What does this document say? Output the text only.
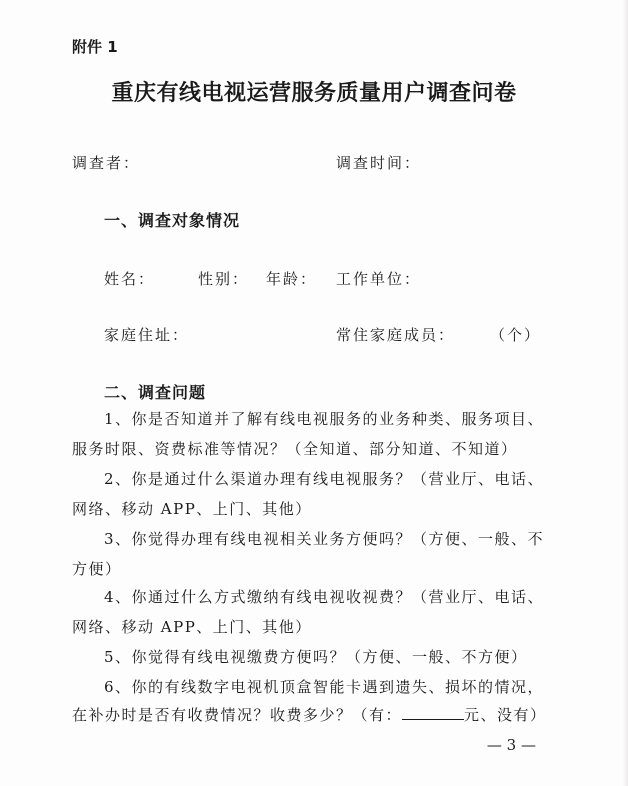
附件 1
重庆有线电视运营服务质量用户调查问卷
调查者：	调查时间：
一、调查对象情况
姓名：	性别： 年龄： 工作单位：
家庭住址：	常住家庭成员： （个）
二、调查问题
1、你是否知道并了解有线电视服务的业务种类、服务项目、
服务时限、资费标准等情况？（全知道、部分知道、不知道）
2、你是通过什么渠道办理有线电视服务？（营业厅、电话、
网络、移动 APP、上门、其他）
3、你觉得办理有线电视相关业务方便吗？（方便、一般、不
方便）
4、你通过什么方式缴纳有线电视收视费？（营业厅、电话、
网络、移动 APP、上门、其他）
5、你觉得有线电视缴费方便吗？（方便、一般、不方便）
6、你的有线数字电视机顶盒智能卡遇到遗失、损坏的情况，
在补办时是否有收费情况？收费多少？（有：	元、没有）
— 3 —
